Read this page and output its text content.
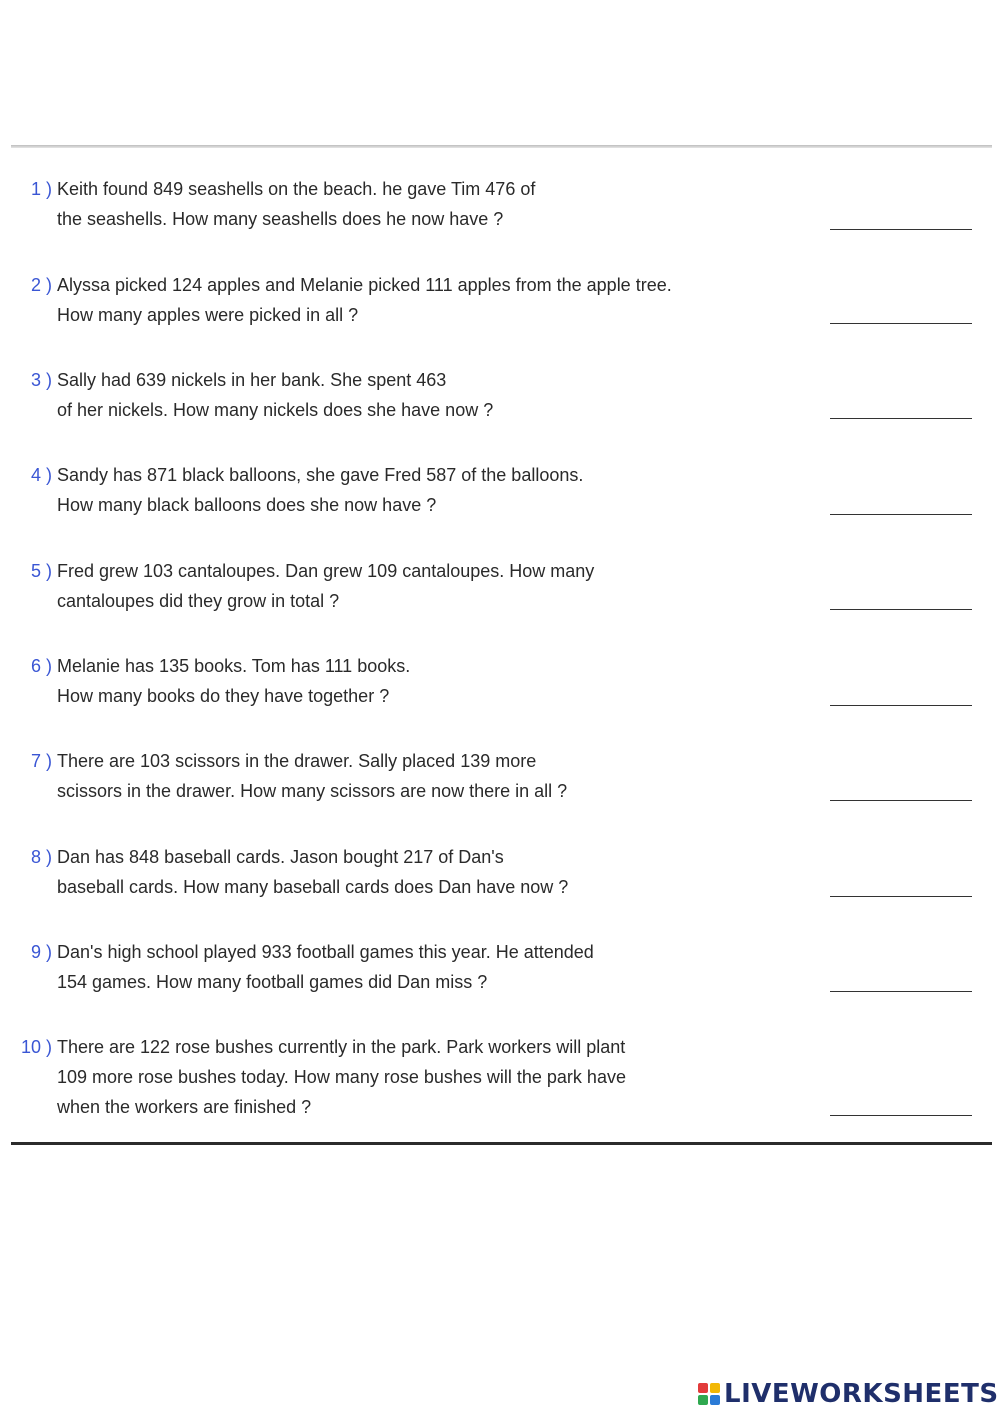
1 ) Keith found 849 seashells on the beach. he gave Tim 476 of
the seashells. How many seashells does he now have ?
2 ) Alyssa picked 124 apples and Melanie picked 111 apples from the apple tree.
How many apples were picked in all ?
3 ) Sally had 639 nickels in her bank. She spent 463
of her nickels. How many nickels does she have now ?
4 ) Sandy has 871 black balloons, she gave Fred 587 of the balloons.
How many black balloons does she now have ?
5 ) Fred grew 103 cantaloupes. Dan grew 109 cantaloupes. How many
cantaloupes did they grow in total ?
6 ) Melanie has 135 books. Tom has 111 books.
How many books do they have together ?
7 ) There are 103 scissors in the drawer. Sally placed 139 more
scissors in the drawer. How many scissors are now there in all ?
8 ) Dan has 848 baseball cards. Jason bought 217 of Dan's
baseball cards. How many baseball cards does Dan have now ?
9 ) Dan's high school played 933 football games this year. He attended
154 games. How many football games did Dan miss ?
10 ) There are 122 rose bushes currently in the park. Park workers will plant
109 more rose bushes today. How many rose bushes will the park have
when the workers are finished ?
LIVEWORKSHEETS
